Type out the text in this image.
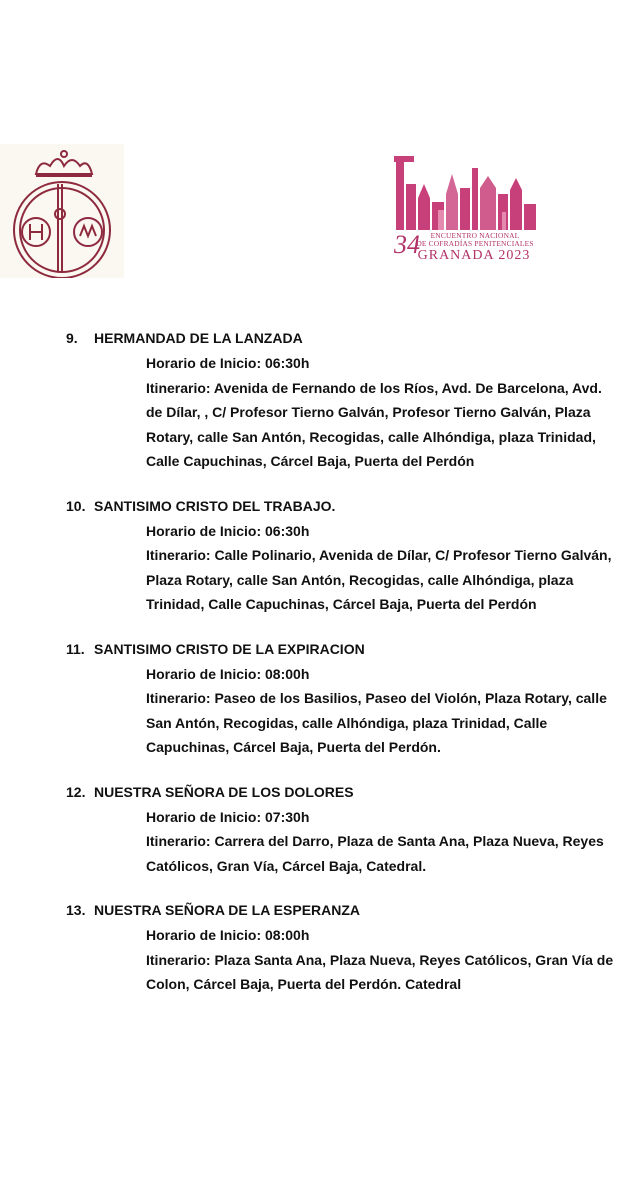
34	ENCUENTRO NACIONAL
DE COFRADÍAS PENITENCIALES
GRANADA 2023
9. HERMANDAD DE LA LANZADA
Horario de Inicio: 06:30h
Itinerario: Avenida de Fernando de los Ríos, Avd. De Barcelona, Avd. de Dílar, , C/ Profesor Tierno Galván, Profesor Tierno Galván, Plaza Rotary, calle San Antón, Recogidas, calle Alhóndiga, plaza Trinidad, Calle Capuchinas, Cárcel Baja, Puerta del Perdón
10. SANTISIMO CRISTO DEL TRABAJO.
Horario de Inicio: 06:30h
Itinerario: Calle Polinario, Avenida de Dílar, C/ Profesor Tierno Galván, Plaza Rotary, calle San Antón, Recogidas, calle Alhóndiga, plaza Trinidad, Calle Capuchinas, Cárcel Baja, Puerta del Perdón
11. SANTISIMO CRISTO DE LA EXPIRACION
Horario de Inicio: 08:00h
Itinerario: Paseo de los Basilios, Paseo del Violón, Plaza Rotary, calle San Antón, Recogidas, calle Alhóndiga, plaza Trinidad, Calle Capuchinas, Cárcel Baja, Puerta del Perdón.
12. NUESTRA SEÑORA DE LOS DOLORES
Horario de Inicio: 07:30h
Itinerario: Carrera del Darro, Plaza de Santa Ana, Plaza Nueva, Reyes Católicos, Gran Vía, Cárcel Baja, Catedral.
13. NUESTRA SEÑORA DE LA ESPERANZA
Horario de Inicio: 08:00h
Itinerario: Plaza Santa Ana, Plaza Nueva, Reyes Católicos, Gran Vía de Colon, Cárcel Baja, Puerta del Perdón. Catedral
